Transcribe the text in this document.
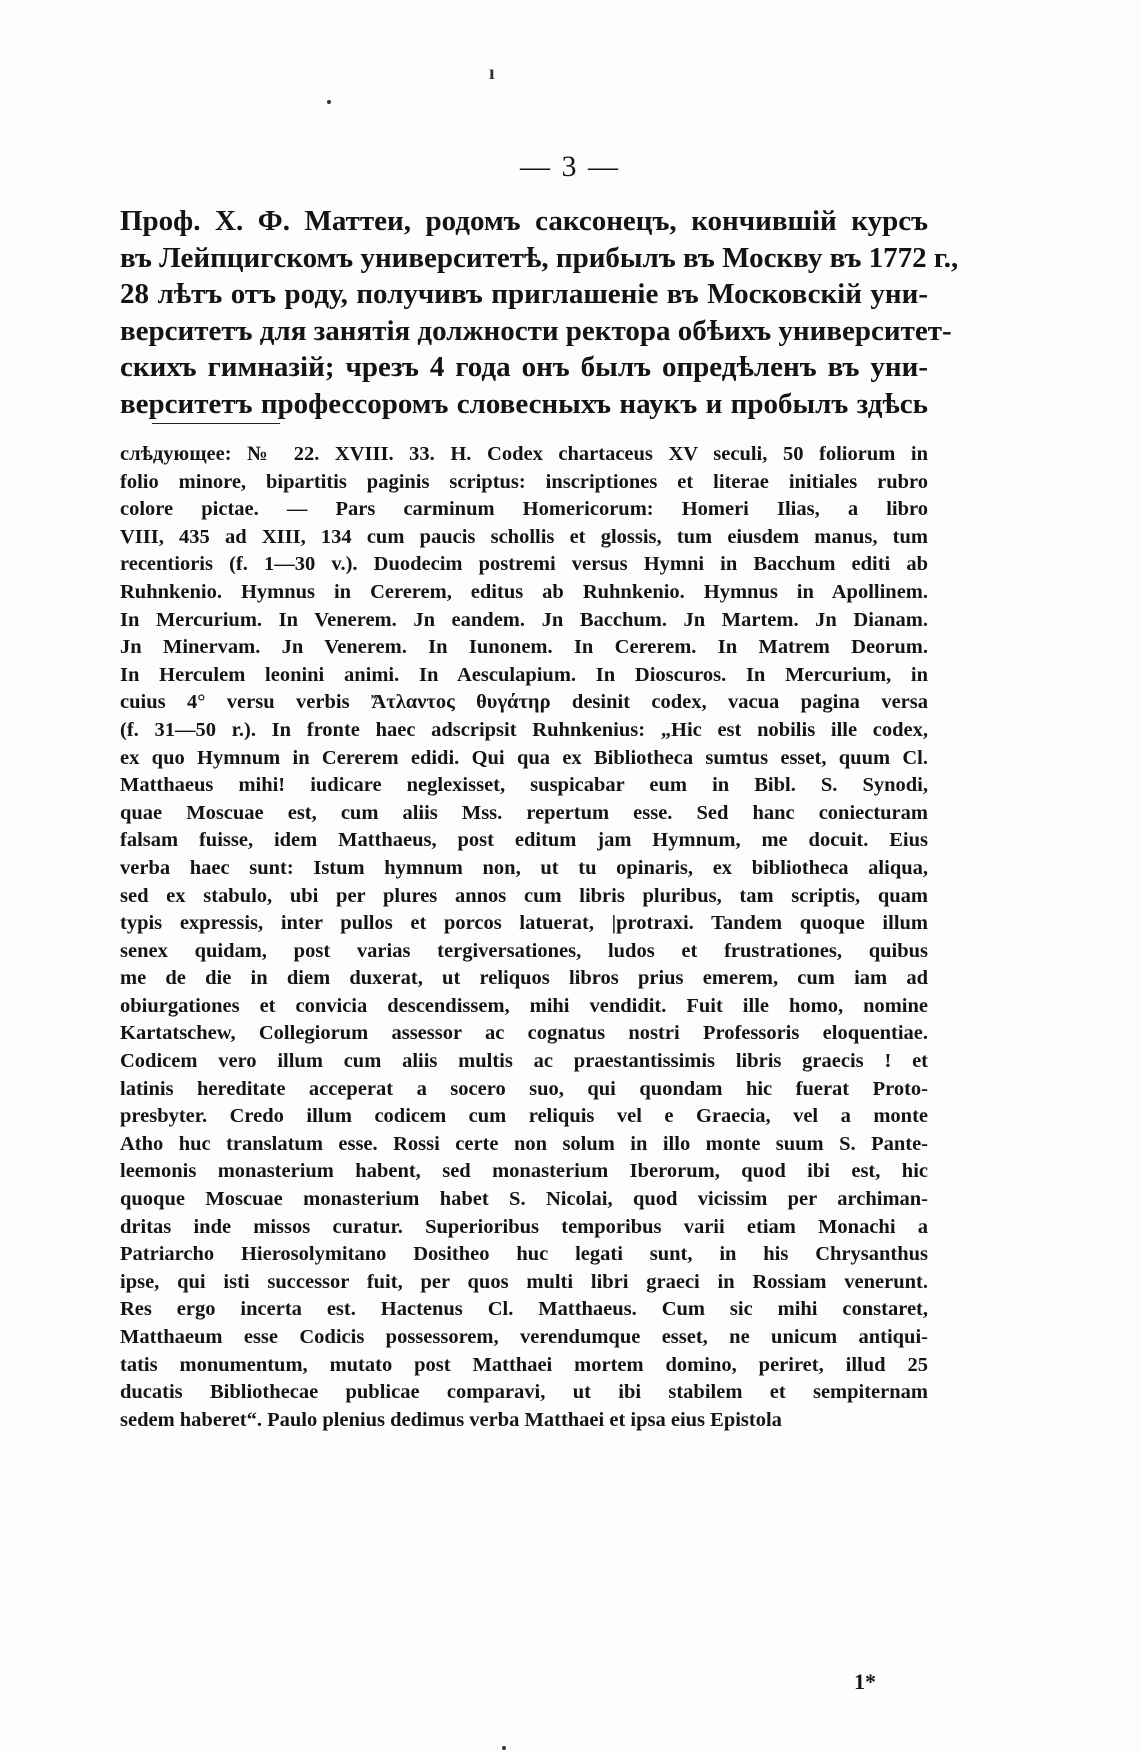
ı
— 3 —
Проф. Х. Ф. Маттеи, родомъ саксонецъ, кончившій курсъ
въ Лейпцигскомъ университетѣ, прибылъ въ Москву въ 1772 г.,
28 лѣтъ отъ роду, получивъ приглашеніе въ Московскій уни-
верситетъ для занятія должности ректора обѣихъ университет-
скихъ гимназій; чрезъ 4 года онъ былъ опредѣленъ въ уни-
верситетъ профессоромъ словесныхъ наукъ и пробылъ здѣсь
слѣдующее: № 22. XVIII. 33. H. Codex chartaceus XV seculi, 50 foliorum in
folio minore, bipartitis paginis scriptus: inscriptiones et literae initiales rubro
colore pictae. — Pars carminum Homericorum: Homeri Ilias, a libro
VIII, 435 ad XIII, 134 cum paucis schollis et glossis, tum eiusdem manus, tum
recentioris (f. 1—30 v.). Duodecim postremi versus Hymni in Bacchum editi ab
Ruhnkenio. Hymnus in Cererem, editus ab Ruhnkenio. Hymnus in Apollinem.
In Mercurium. In Venerem. Jn eandem. Jn Bacchum. Jn Martem. Jn Dianam.
Jn Minervam. Jn Venerem. In Iunonem. In Cererem. In Matrem Deorum.
In Herculem leonini animi. In Aesculapium. In Dioscuros. In Mercurium, in
cuius 4° versu verbis Ἄτλαντος θυγάτηρ desinit codex, vacua pagina versa
(f. 31—50 r.). In fronte haec adscripsit Ruhnkenius: „Hic est nobilis ille codex,
ex quo Hymnum in Cererem edidi. Qui qua ex Bibliotheca sumtus esset, quum Cl.
Matthaeus mihi! iudicare neglexisset, suspicabar eum in Bibl. S. Synodi,
quae Moscuae est, cum aliis Mss. repertum esse. Sed hanc coniecturam
falsam fuisse, idem Matthaeus, post editum jam Hymnum, me docuit. Eius
verba haec sunt: Istum hymnum non, ut tu opinaris, ex bibliotheca aliqua,
sed ex stabulo, ubi per plures annos cum libris pluribus, tam scriptis, quam
typis expressis, inter pullos et porcos latuerat, |protraxi. Tandem quoque illum
senex quidam, post varias tergiversationes, ludos et frustrationes, quibus
me de die in diem duxerat, ut reliquos libros prius emerem, cum iam ad
obiurgationes et convicia descendissem, mihi vendidit. Fuit ille homo, nomine
Kartatschew, Collegiorum assessor ac cognatus nostri Professoris eloquentiae.
Codicem vero illum cum aliis multis ac praestantissimis libris graecis ! et
latinis hereditate acceperat a socero suo, qui quondam hic fuerat Proto-
presbyter. Credo illum codicem cum reliquis vel e Graecia, vel a monte
Atho huc translatum esse. Rossi certe non solum in illo monte suum S. Pante-
leemonis monasterium habent, sed monasterium Iberorum, quod ibi est, hic
quoque Moscuae monasterium habet S. Nicolai, quod vicissim per archiman-
dritas inde missos curatur. Superioribus temporibus varii etiam Monachi a
Patriarcho Hierosolymitano Dositheo huc legati sunt, in his Chrysanthus
ipse, qui isti successor fuit, per quos multi libri graeci in Rossiam venerunt.
Res ergo incerta est. Hactenus Cl. Matthaeus. Cum sic mihi constaret,
Matthaeum esse Codicis possessorem, verendumque esset, ne unicum antiqui-
tatis monumentum, mutato post Matthaei mortem domino, periret, illud 25
ducatis Bibliothecae publicae comparavi, ut ibi stabilem et sempiternam
sedem haberet“. Paulo plenius dedimus verba Matthaei et ipsa eius Epistola
1*
